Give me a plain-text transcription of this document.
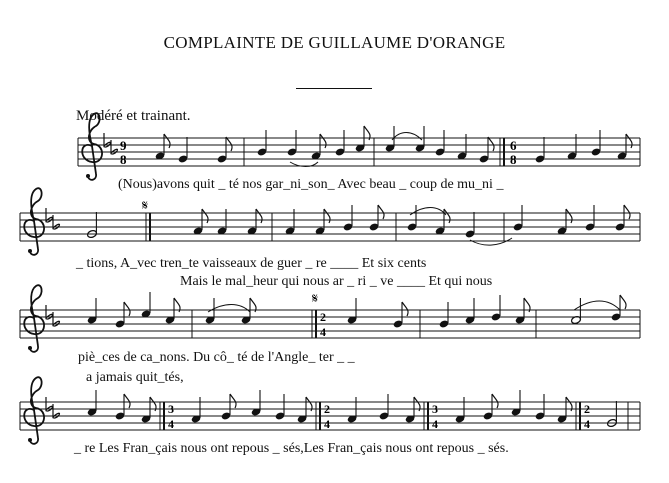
COMPLAINTE DE GUILLAUME D'ORANGE
Modéré et trainant.
9
8
6
8
𝄋
𝄋
2
4
3
4
2
4
3
4
2
4
(Nous)avons quit _ té nos gar_ni_son_ Avec beau _ coup de mu_ni _
_ tions, A_vec tren_te vaisseaux de guer _ re ____ Et six cents
Mais le mal_heur qui nous ar _ ri _ ve ____ Et qui nous
piè_ces de ca_nons. Du cô_ té de l'Angle_ ter _ _
a jamais quit_tés,
_ re Les Fran_çais nous ont repous _ sés,Les Fran_çais nous ont repous _ sés.
